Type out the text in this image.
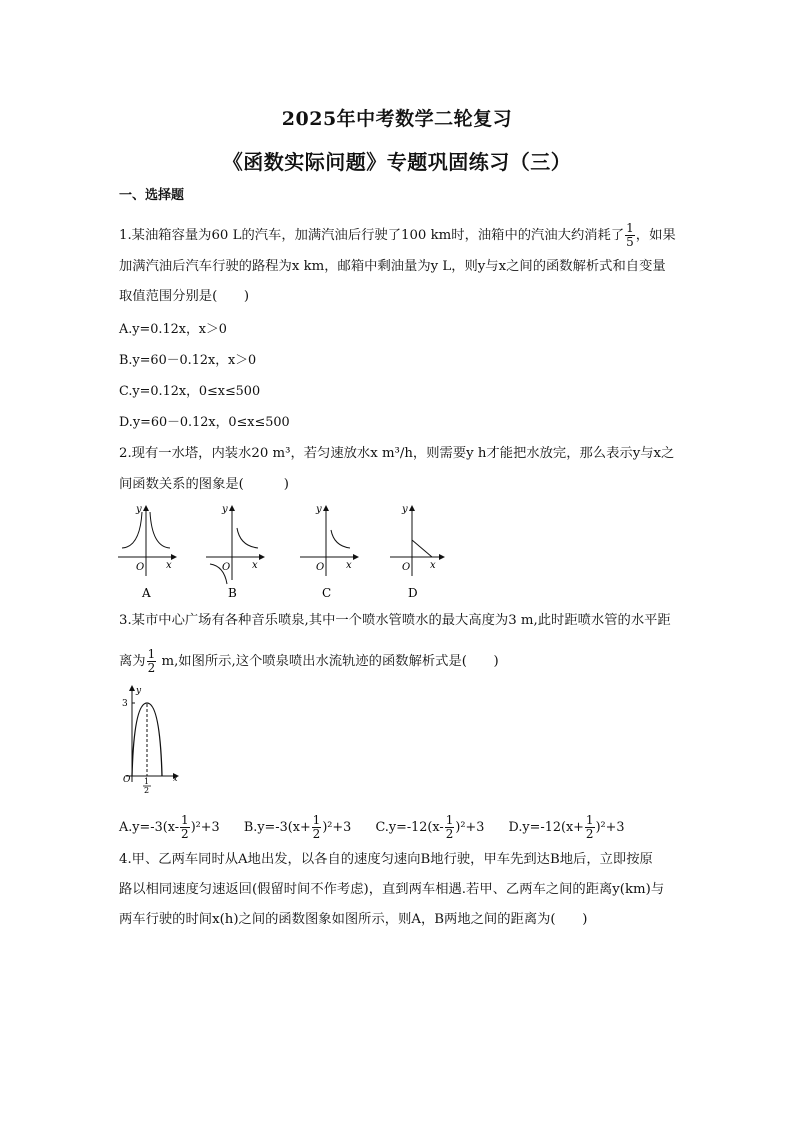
2025年中考数学二轮复习
《函数实际问题》专题巩固练习（三）
一、选择题
1.某油箱容量为60 L的汽车，加满汽油后行驶了100 km时，油箱中的汽油大约消耗了 $\frac{1}{5}$ ，如果
加满汽油后汽车行驶的路程为x km，邮箱中剩油量为y L，则y与x之间的函数解析式和自变量
取值范围分别是(　　)
A.y=0.12x，x＞0
B.y=60－0.12x，x＞0
C.y=0.12x，0≤x≤500
D.y=60－0.12x，0≤x≤500
2.现有一水塔，内装水20 m³，若匀速放水x m³/h，则需要y h才能把水放完，那么表示y与x之
间函数关系的图象是(　　　)
y
O x
A
y
O x
B
y
O x
C
y
O x
D
3.某市中心广场有各种音乐喷泉,其中一个喷水管喷水的最大高度为3 m,此时距喷水管的水平距
离为 $\frac{1}{2} m$,如图所示,这个喷泉喷出水流轨迹的函数解析式是(　　)
y
3
O	x
1
2
$A.y=-3(x- \frac{1}{2} )^2+3$ $B.y=-3(x+ \frac{1}{2} )^2+3$ $C.y=-12(x- \frac{1}{2} )^2+3$ $D.y=-12(x+ \frac{1}{2} )^2+3$
4.甲、乙两车同时从A地出发，以各自的速度匀速向B地行驶，甲车先到达B地后，立即按原
路以相同速度匀速返回(假留时间不作考虑)，直到两车相遇.若甲、乙两车之间的距离y(km)与
两车行驶的时间x(h)之间的函数图象如图所示，则A，B两地之间的距离为(　　)
